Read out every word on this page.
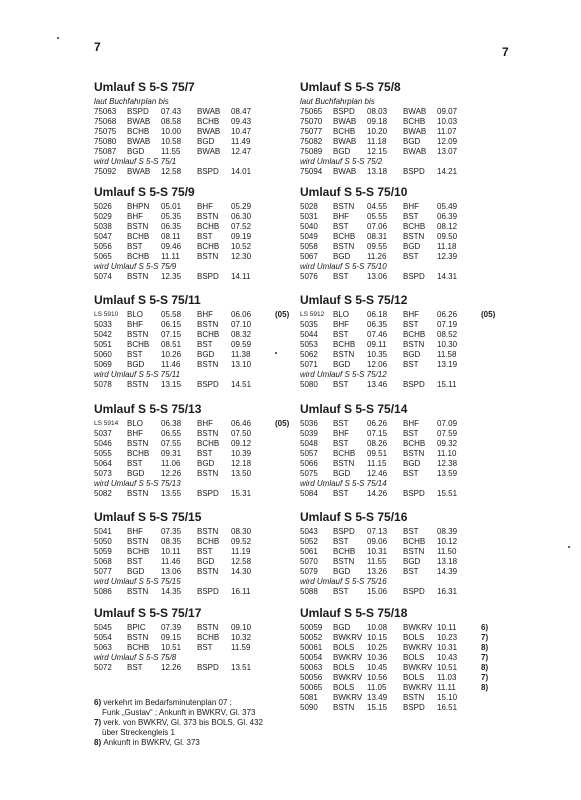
7	7
Umlauf S 5-S 75/7
laut Buchfahrplan bis
75063 BSPD 07.43 BWAB 08.47
75068 BWAB 08.58 BCHB 09.43
75075 BCHB 10.00 BWAB 10.47
75080 BWAB 10.58 BGD 11.49
75087 BGD 11.55 BWAB 12.47
wird Umlauf S 5-S 75/1
75092 BWAB 12.58 BSPD 14.01
Umlauf S 5-S 75/8
laut Buchfahrplan bis
75065 BSPD 08.03 BWAB 09.07
75070 BWAB 09.18 BCHB 10.03
75077 BCHB 10.20 BWAB 11.07
75082 BWAB 11.18 BGD 12.09
75089 BGD 12.15 BWAB 13.07
wird Umlauf S 5-S 75/2
75094 BWAB 13.18 BSPD 14.21
Umlauf S 5-S 75/9
5026 BHPN 05.01 BHF 05.29
5029 BHF 05.35 BSTN 06.30
5038 BSTN 06.35 BCHB 07.52
5047 BCHB 08.11 BST 09.19
5056 BST 09.46 BCHB 10.52
5065 BCHB 11.11 BSTN 12.30
wird Umlauf S 5-S 75/9
5074 BSTN 12.35 BSPD 14.11
Umlauf S 5-S 75/10
5028 BSTN 04.55 BHF 05.49
5031 BHF 05.55 BST 06.39
5040 BST 07.06 BCHB 08.12
5049 BCHB 08.31 BSTN 09.50
5058 BSTN 09.55 BGD 11.18
5067 BGD 11.26 BST 12.39
wird Umlauf S 5-S 75/10
5076 BST 13.06 BSPD 14.31
Umlauf S 5-S 75/11
LS 5910 BLO 05.58 BHF 06.06	(05)
5033 BHF 06.15 BSTN 07.10
5042 BSTN 07.15 BCHB 08.32
5051 BCHB 08.51 BST 09.59
5060 BST 10.26 BGD 11.38
5069 BGD 11.46 BSTN 13.10
wird Umlauf S 5-S 75/11
5078 BSTN 13.15 BSPD 14.51
Umlauf S 5-S 75/12
LS 5912 BLO 06.18 BHF 06.26	(05)
5035 BHF 06.35 BST 07.19
5044 BST 07.46 BCHB 08.52
5053 BCHB 09.11 BSTN 10.30
5062 BSTN 10.35 BGD 11.58
5071 BGD 12.06 BST 13.19
wird Umlauf S 5-S 75/12
5080 BST 13.46 BSPD 15.11
Umlauf S 5-S 75/13
LS 5914 BLO 06.38 BHF 06.46	(05)
5037 BHF 06.55 BSTN 07.50
5046 BSTN 07.55 BCHB 09.12
5055 BCHB 09.31 BST 10.39
5064 BST 11.06 BGD 12.18
5073 BGD 12.26 BSTN 13.50
wird Umlauf S 5-S 75/13
5082 BSTN 13.55 BSPD 15.31
Umlauf S 5-S 75/14
5036 BST 06.26 BHF 07.09
5039 BHF 07.15 BST 07.59
5048 BST 08.26 BCHB 09.32
5057 BCHB 09.51 BSTN 11.10
5066 BSTN 11.15 BGD 12.38
5075 BGD 12.46 BST 13.59
wird Umlauf S 5-S 75/14
5084 BST 14.26 BSPD 15.51
Umlauf S 5-S 75/15
5041 BHF 07.35 BSTN 08.30
5050 BSTN 08.35 BCHB 09.52
5059 BCHB 10.11 BST 11.19
5068 BST 11.46 BGD 12.58
5077 BGD 13.06 BSTN 14.30
wird Umlauf S 5-S 75/15
5086 BSTN 14.35 BSPD 16.11
Umlauf S 5-S 75/16
5043 BSPD 07.13 BST 08.39
5052 BST 09.06 BCHB 10.12
5061 BCHB 10.31 BSTN 11.50
5070 BSTN 11.55 BGD 13.18
5079 BGD 13.26 BST 14.39
wird Umlauf S 5-S 75/16
5088 BST 15.06 BSPD 16.31
Umlauf S 5-S 75/17
5045 BPIC 07.39 BSTN 09.10
5054 BSTN 09.15 BCHB 10.32
5063 BCHB 10.51 BST 11.59
wird Umlauf S 5-S 75/8
5072 BST 12.26 BSPD 13.51
Umlauf S 5-S 75/18
50059 BGD 10.08 BWKRV 10.11	6)
50052 BWKRV 10.15 BOLS 10.23	7)
50061 BOLS 10.25 BWKRV 10.31	8)
50054 BWKRV 10.36 BOLS 10.43	7)
50063 BOLS 10.45 BWKRV 10.51	8)
50056 BWKRV 10.56 BOLS 11.03	7)
50065 BOLS 11.05 BWKRV 11.11	8)
5081 BWKRV 13.49 BSTN 15.10
5090 BSTN 15.15 BSPD 16.51
6) verkehrt im Bedarfsminutenplan 07 ;
Funk „Gustav“ ; Ankunft in BWKRV, Gl. 373
7) verk. von BWKRV, Gl. 373 bis BOLS, Gl. 432
über Streckengleis 1
8) Ankunft in BWKRV, Gl. 373
